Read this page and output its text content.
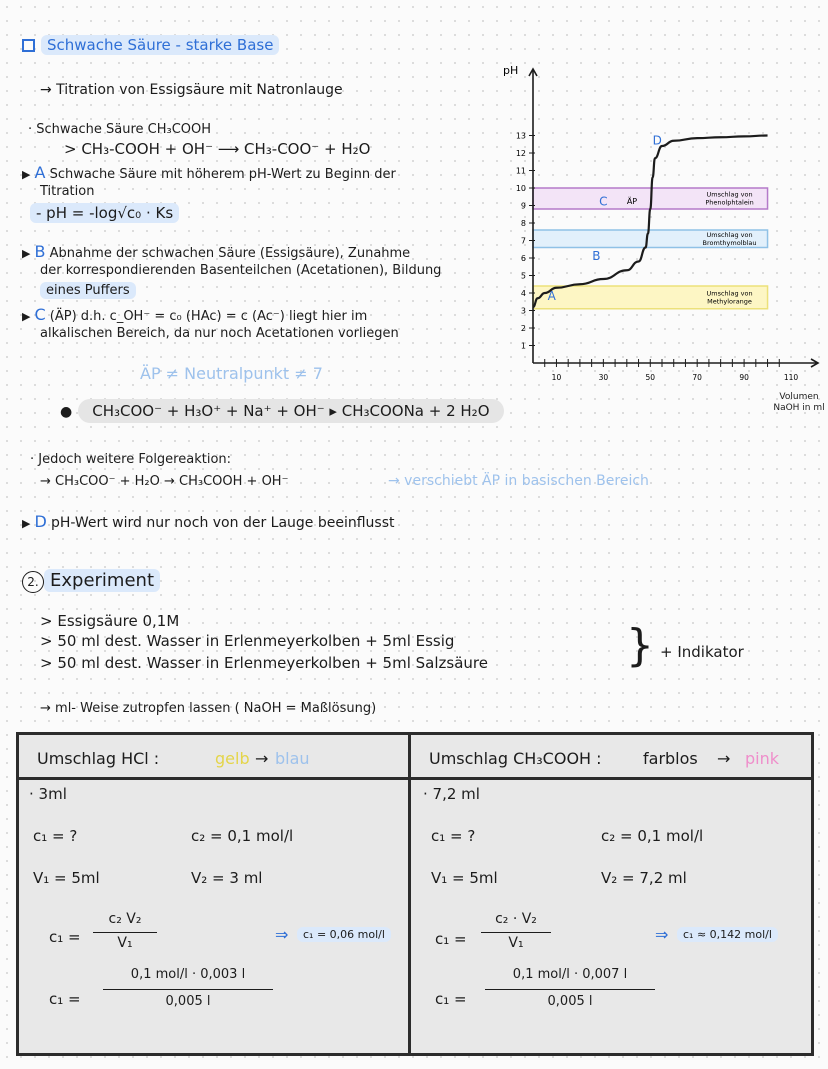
Schwache Säure - starke Base
→ Titration von Essigsäure mit Natronlauge
· Schwache Säure CH₃COOH
> CH₃-COOH + OH⁻ ⟶ CH₃-COO⁻ + H₂O
▶ A Schwache Säure mit höherem pH-Wert zu Beginn der
Titration
- pH = -log√c₀ · Ks
▶ B Abnahme der schwachen Säure (Essigsäure), Zunahme
der korrespondierenden Basenteilchen (Acetationen), Bildung
eines Puffers
▶ C (ÄP) d.h. c_OH⁻ = c₀ (HAc) = c (Ac⁻) liegt hier im
alkalischen Bereich, da nur noch Acetationen vorliegen
ÄP ≠ Neutralpunkt ≠ 7
● CH₃COO⁻ + H₃O⁺ + Na⁺ + OH⁻ ▸ CH₃COONa + 2 H₂O
· Jedoch weitere Folgereaktion:
→ CH₃COO⁻ + H₂O → CH₃COOH + OH⁻	→ verschiebt ÄP in basischen Bereich
▶ D pH-Wert wird nur noch von der Lauge beeinflusst
Umschlag von Phenolphtalein
Umschlag von Bromthymolblau
Umschlag von Methylorange
1
2
3
4
5
6
7
8
9
10
11
12
13
10	30	50	70	90	110
A
B
C
D
pH
ÄP
Volumen NaOH in ml
2. Experiment
> Essigsäure 0,1M
> 50 ml dest. Wasser in Erlenmeyerkolben + 5ml Essig
> 50 ml dest. Wasser in Erlenmeyerkolben + 5ml Salzsäure	} + Indikator
→ ml- Weise zutropfen lassen ( NaOH = Maßlösung)
Umschlag HCl :	gelb → blau
· 3ml
c₁ = ?	c₂ = 0,1 mol/l
V₁ = 5ml	V₂ = 3 ml
c₁ =
c₂ V₂
V₁	⇒	c₁ = 0,06 mol/l
c₁ =
0,1 mol/l · 0,003 l
0,005 l
Umschlag CH₃COOH :	farblos → pink
· 7,2 ml
c₁ = ?	c₂ = 0,1 mol/l
V₁ = 5ml	V₂ = 7,2 ml
c₁ =
c₂ · V₂
V₁	⇒	c₁ ≈ 0,142 mol/l
c₁ =
0,1 mol/l · 0,007 l
0,005 l
